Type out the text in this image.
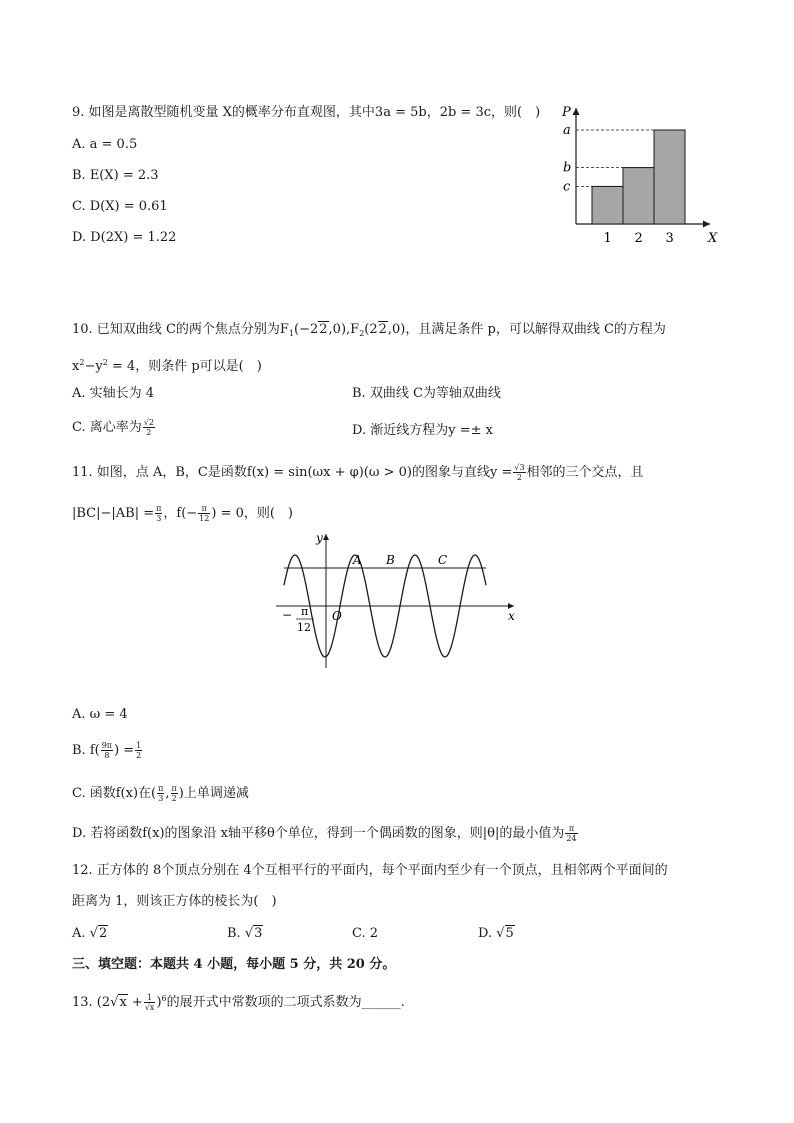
9. 如图是离散型随机变量 X的概率分布直观图，其中3a = 5b，2b = 3c，则(　)
A. a = 0.5
B. E(X) = 2.3
C. D(X) = 0.61
D. D(2X) = 1.22
P
X
c
1
b
2
a
3
10. 已知双曲线 C的两个焦点分别为$F_1(-22,0),F_2(22,0)$，且满足条件 p，可以解得双曲线 C的方程为
$x^2-y^2 = 4$，则条件 p可以是(　)
A. 实轴长为 4	B. 双曲线 C为等轴双曲线
C. 离心率为 $\frac{√2}{2}$	D. 渐近线方程为y =± x
11. 如图，点 A，B，C是函数f(x) = sin(ωx + φ)(ω > 0)的图象与直线$y = \frac{√3}{2}$ 相邻的三个交点，且
$|BC|-|AB| = \frac{\pi}{3}$ ，$f(- \frac{\pi}{12}$ ) = 0，则(　)
y
x
O
A B	C
− π
12
A. ω = 4
B. $f( \frac{9\pi}{8}$ ) = $\frac{1}{2}$
C. 函数f(x)在( $\frac{\pi}{3}$ , $\frac{\pi}{2}$ )上单调递减
D. 若将函数f(x)的图象沿 x轴平移θ个单位，得到一个偶函数的图象，则|θ|的最小值为 $\frac{\pi}{24}$
12. 正方体的 8个顶点分别在 4个互相平行的平面内，每个平面内至少有一个顶点，且相邻两个平面间的
距离为 1，则该正方体的棱长为(　)
A. √2	B. √3	C. 2	D. √5
三、填空题：本题共 4 小题，每小题 5 分，共 20 分。
13. $(2√x + \frac{1}{√x} )^6$的展开式中常数项的二项式系数为______.
